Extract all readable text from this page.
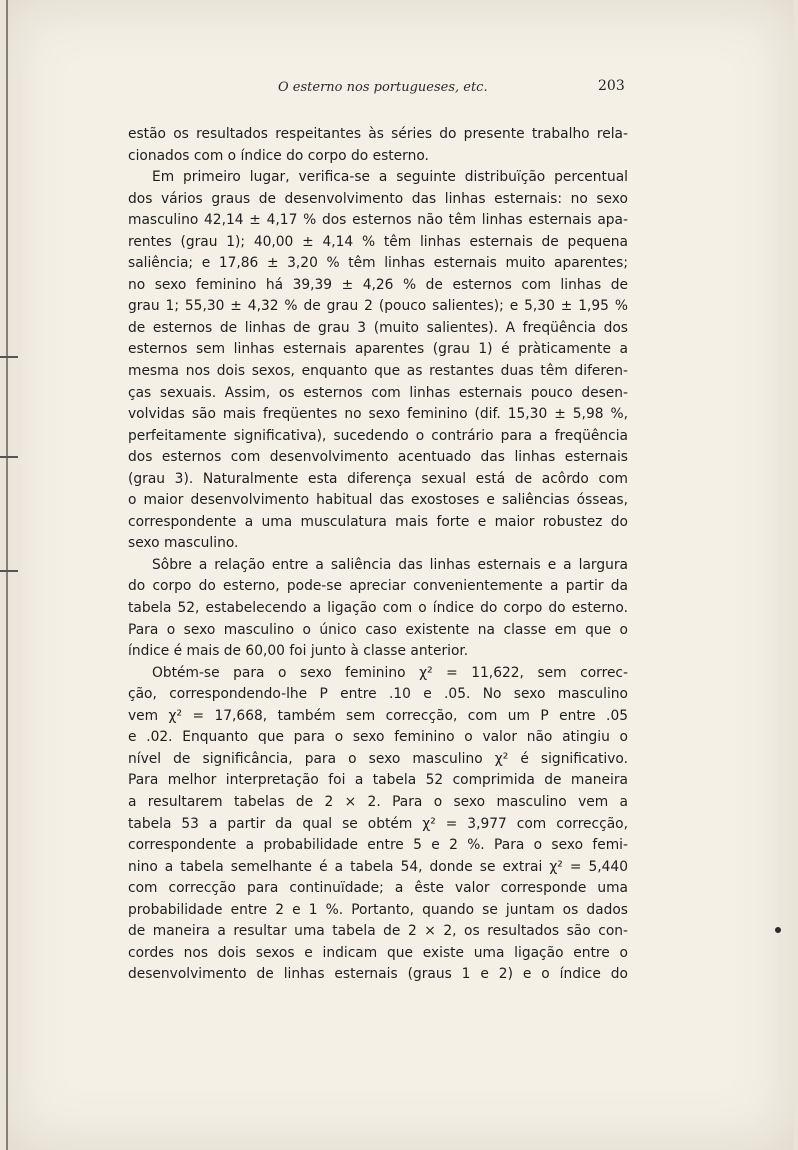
O esterno nos portugueses, etc.	203
estão os resultados respeitantes às séries do presente trabalho rela-
cionados com o índice do corpo do esterno.
Em primeiro lugar, verifica-se a seguinte distribuïção percentual
dos vários graus de desenvolvimento das linhas esternais: no sexo
masculino 42,14 ± 4,17 % dos esternos não têm linhas esternais apa-
rentes (grau 1); 40,00 ± 4,14 % têm linhas esternais de pequena
saliência; e 17,86 ± 3,20 % têm linhas esternais muito aparentes;
no sexo feminino há 39,39 ± 4,26 % de esternos com linhas de
grau 1; 55,30 ± 4,32 % de grau 2 (pouco salientes); e 5,30 ± 1,95 %
de esternos de linhas de grau 3 (muito salientes). A freqüência dos
esternos sem linhas esternais aparentes (grau 1) é pràticamente a
mesma nos dois sexos, enquanto que as restantes duas têm diferen-
ças sexuais. Assim, os esternos com linhas esternais pouco desen-
volvidas são mais freqüentes no sexo feminino (dif. 15,30 ± 5,98 %,
perfeitamente significativa), sucedendo o contrário para a freqüência
dos esternos com desenvolvimento acentuado das linhas esternais
(grau 3). Naturalmente esta diferença sexual está de acôrdo com
o maior desenvolvimento habitual das exostoses e saliências ósseas,
correspondente a uma musculatura mais forte e maior robustez do
sexo masculino.
Sôbre a relação entre a saliência das linhas esternais e a largura
do corpo do esterno, pode-se apreciar convenientemente a partir da
tabela 52, estabelecendo a ligação com o índice do corpo do esterno.
Para o sexo masculino o único caso existente na classe em que o
índice é mais de 60,00 foi junto à classe anterior.
Obtém-se para o sexo feminino χ² = 11,622, sem correc-
ção, correspondendo-lhe P entre .10 e .05. No sexo masculino
vem χ² = 17,668, também sem correcção, com um P entre .05
e .02. Enquanto que para o sexo feminino o valor não atingiu o
nível de significância, para o sexo masculino χ² é significativo.
Para melhor interpretação foi a tabela 52 comprimida de maneira
a resultarem tabelas de 2 × 2. Para o sexo masculino vem a
tabela 53 a partir da qual se obtém χ² = 3,977 com correcção,
correspondente a probabilidade entre 5 e 2 %. Para o sexo femi-
nino a tabela semelhante é a tabela 54, donde se extrai χ² = 5,440
com correcção para continuïdade; a êste valor corresponde uma
probabilidade entre 2 e 1 %. Portanto, quando se juntam os dados
de maneira a resultar uma tabela de 2 × 2, os resultados são con-
cordes nos dois sexos e indicam que existe uma ligação entre o
desenvolvimento de linhas esternais (graus 1 e 2) e o índice do
